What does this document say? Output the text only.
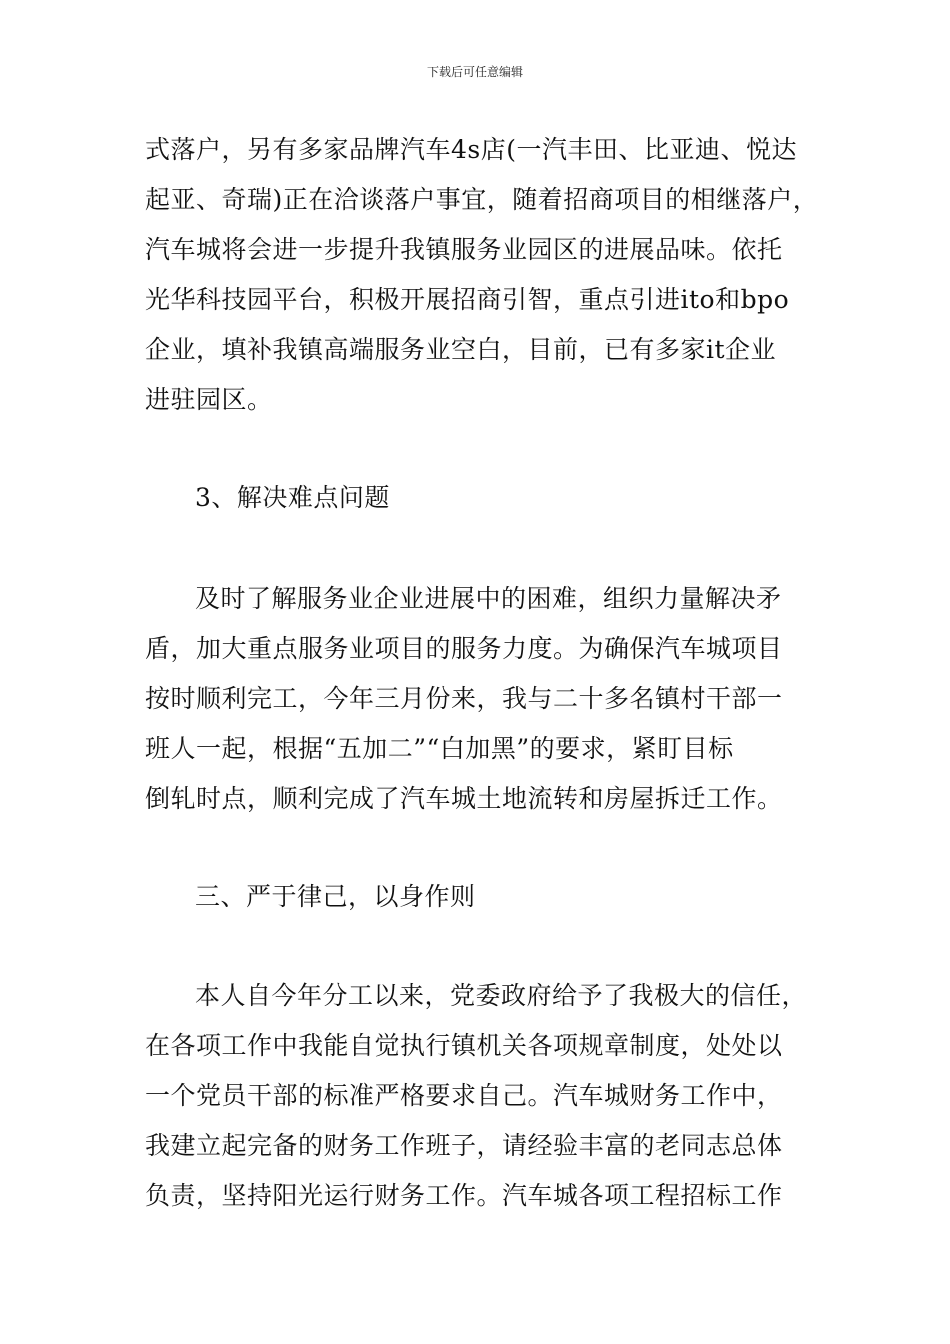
下载后可任意编辑
式落户，另有多家品牌汽车4s店(一汽丰田、比亚迪、悦达
起亚、奇瑞)正在洽谈落户事宜，随着招商项目的相继落户，
汽车城将会进一步提升我镇服务业园区的进展品味。依托
光华科技园平台，积极开展招商引智，重点引进ito和bpo
企业，填补我镇高端服务业空白，目前，已有多家it企业
进驻园区。
3、解决难点问题
及时了解服务业企业进展中的困难，组织力量解决矛
盾，加大重点服务业项目的服务力度。为确保汽车城项目
按时顺利完工，今年三月份来，我与二十多名镇村干部一
班人一起，根据“五加二”“白加黑”的要求，紧盯目标
倒轧时点，顺利完成了汽车城土地流转和房屋拆迁工作。
三、严于律己，以身作则
本人自今年分工以来，党委政府给予了我极大的信任，
在各项工作中我能自觉执行镇机关各项规章制度，处处以
一个党员干部的标准严格要求自己。汽车城财务工作中，
我建立起完备的财务工作班子，请经验丰富的老同志总体
负责，坚持阳光运行财务工作。汽车城各项工程招标工作
